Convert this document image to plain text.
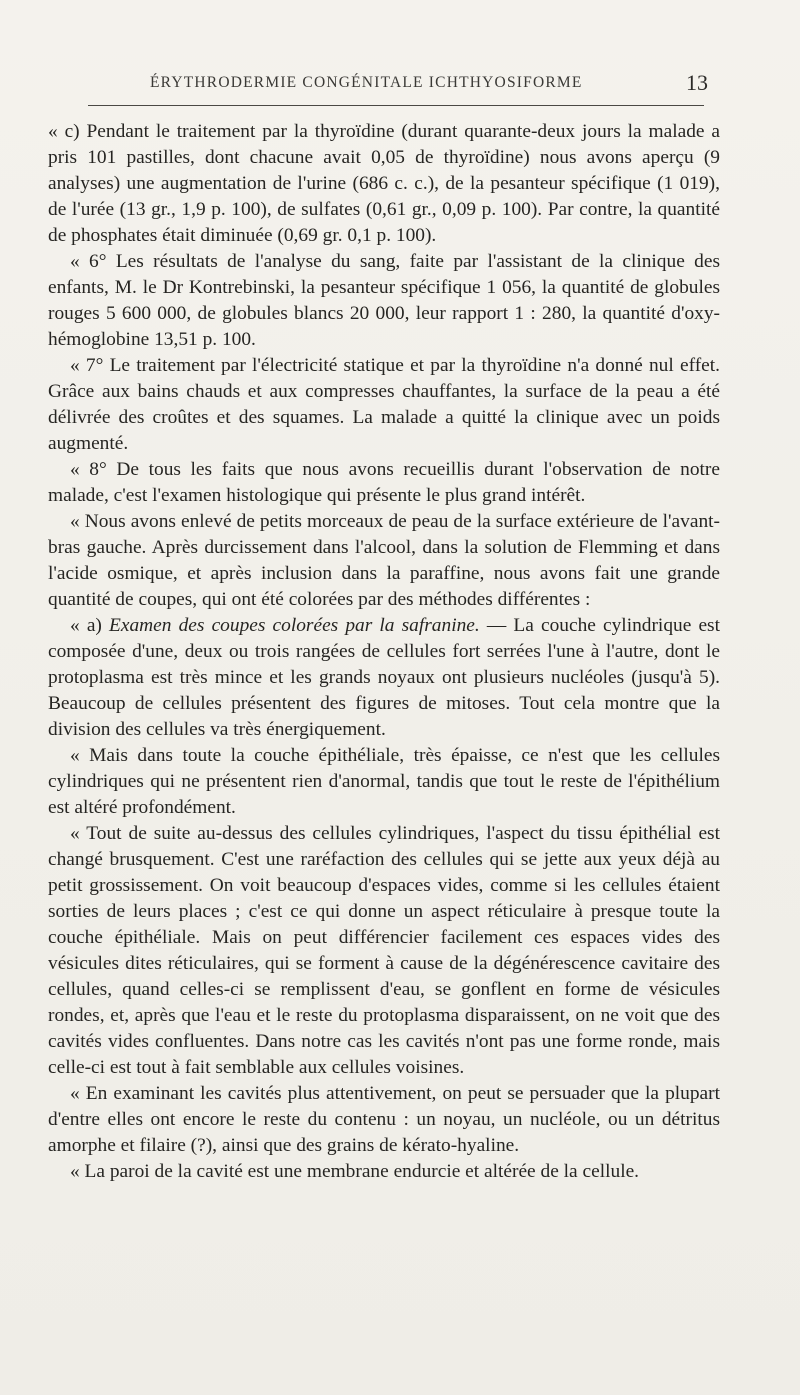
ÉRYTHRODERMIE CONGÉNITALE ICHTHYOSIFORME	13

« c) Pendant le traitement par la thyroïdine (durant quarante-deux jours la malade a pris 101 pastilles, dont chacune avait 0,05 de thyroïdine) nous avons aperçu (9 analyses) une augmentation de l'urine (686 c. c.), de la pesanteur spécifique (1 019), de l'urée (13 gr., 1,9 p. 100), de sulfates (0,61 gr., 0,09 p. 100). Par contre, la quantité de phosphates était diminuée (0,69 gr. 0,1 p. 100).

« 6° Les résultats de l'analyse du sang, faite par l'assistant de la clinique des enfants, M. le Dr Kontrebinski, la pesanteur spécifique 1 056, la quantité de globules rouges 5 600 000, de globules blancs 20 000, leur rapport 1 : 280, la quantité d'oxy-hémoglobine 13,51 p. 100.

« 7° Le traitement par l'électricité statique et par la thyroïdine n'a donné nul effet. Grâce aux bains chauds et aux compresses chauffantes, la surface de la peau a été délivrée des croûtes et des squames. La malade a quitté la clinique avec un poids augmenté.

« 8° De tous les faits que nous avons recueillis durant l'observation de notre malade, c'est l'examen histologique qui présente le plus grand intérêt.

« Nous avons enlevé de petits morceaux de peau de la surface extérieure de l'avant-bras gauche. Après durcissement dans l'alcool, dans la solution de Flemming et dans l'acide osmique, et après inclusion dans la paraffine, nous avons fait une grande quantité de coupes, qui ont été colorées par des méthodes différentes :

« a) Examen des coupes colorées par la safranine. — La couche cylindrique est composée d'une, deux ou trois rangées de cellules fort serrées l'une à l'autre, dont le protoplasma est très mince et les grands noyaux ont plusieurs nucléoles (jusqu'à 5). Beaucoup de cellules présentent des figures de mitoses. Tout cela montre que la division des cellules va très énergiquement.

« Mais dans toute la couche épithéliale, très épaisse, ce n'est que les cellules cylindriques qui ne présentent rien d'anormal, tandis que tout le reste de l'épithélium est altéré profondément.

« Tout de suite au-dessus des cellules cylindriques, l'aspect du tissu épithélial est changé brusquement. C'est une raréfaction des cellules qui se jette aux yeux déjà au petit grossissement. On voit beaucoup d'espaces vides, comme si les cellules étaient sorties de leurs places ; c'est ce qui donne un aspect réticulaire à presque toute la couche épithéliale. Mais on peut différencier facilement ces espaces vides des vésicules dites réticulaires, qui se forment à cause de la dégénérescence cavitaire des cellules, quand celles-ci se remplissent d'eau, se gonflent en forme de vésicules rondes, et, après que l'eau et le reste du protoplasma disparaissent, on ne voit que des cavités vides confluentes. Dans notre cas les cavités n'ont pas une forme ronde, mais celle-ci est tout à fait semblable aux cellules voisines.

« En examinant les cavités plus attentivement, on peut se persuader que la plupart d'entre elles ont encore le reste du contenu : un noyau, un nucléole, ou un détritus amorphe et filaire (?), ainsi que des grains de kérato-hyaline.

« La paroi de la cavité est une membrane endurcie et altérée de la cellule.
